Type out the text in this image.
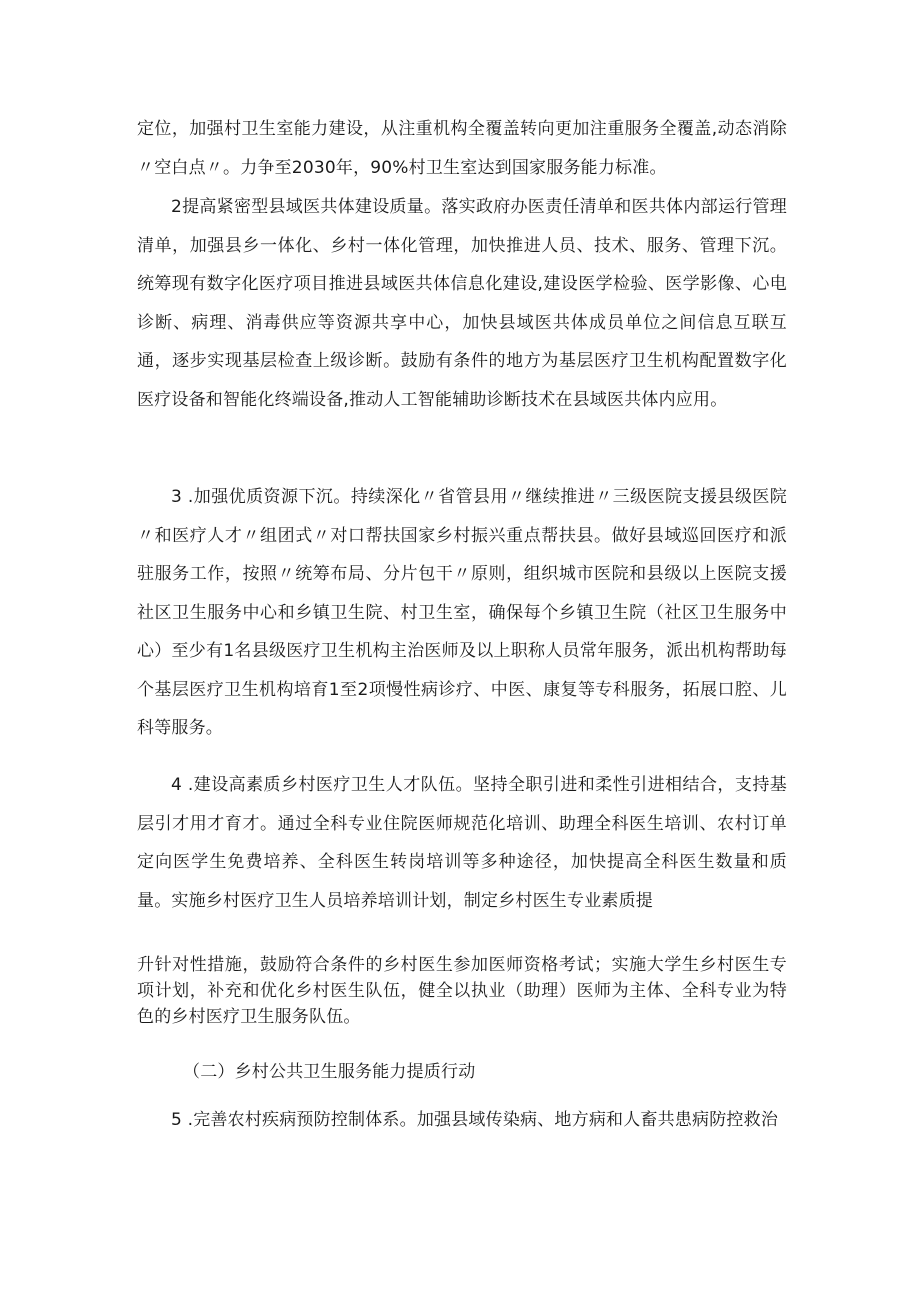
定位，加强村卫生室能力建设，从注重机构全覆盖转向更加注重服务全覆盖,动态消除〃空白点〃。力争至2030年，90%村卫生室达到国家服务能力标准。

2提高紧密型县域医共体建设质量。落实政府办医责任清单和医共体内部运行管理清单，加强县乡一体化、乡村一体化管理，加快推进人员、技术、服务、管理下沉。统筹现有数字化医疗项目推进县域医共体信息化建设,建设医学检验、医学影像、心电诊断、病理、消毒供应等资源共享中心，加快县域医共体成员单位之间信息互联互通，逐步实现基层检查上级诊断。鼓励有条件的地方为基层医疗卫生机构配置数字化医疗设备和智能化终端设备,推动人工智能辅助诊断技术在县域医共体内应用。

3 .加强优质资源下沉。持续深化〃省管县用〃继续推进〃三级医院支援县级医院〃和医疗人才〃组团式〃对口帮扶国家乡村振兴重点帮扶县。做好县域巡回医疗和派驻服务工作，按照〃统筹布局、分片包干〃原则，组织城市医院和县级以上医院支援社区卫生服务中心和乡镇卫生院、村卫生室，确保每个乡镇卫生院（社区卫生服务中心）至少有1名县级医疗卫生机构主治医师及以上职称人员常年服务，派出机构帮助每个基层医疗卫生机构培育1至2项慢性病诊疗、中医、康复等专科服务，拓展口腔、儿科等服务。

4 .建设高素质乡村医疗卫生人才队伍。坚持全职引进和柔性引进相结合，支持基层引才用才育才。通过全科专业住院医师规范化培训、助理全科医生培训、农村订单定向医学生免费培养、全科医生转岗培训等多种途径，加快提高全科医生数量和质量。实施乡村医疗卫生人员培养培训计划，制定乡村医生专业素质提

升针对性措施，鼓励符合条件的乡村医生参加医师资格考试；实施大学生乡村医生专项计划，补充和优化乡村医生队伍，健全以执业（助理）医师为主体、全科专业为特色的乡村医疗卫生服务队伍。

（二）乡村公共卫生服务能力提质行动

5 .完善农村疾病预防控制体系。加强县域传染病、地方病和人畜共患病防控救治
